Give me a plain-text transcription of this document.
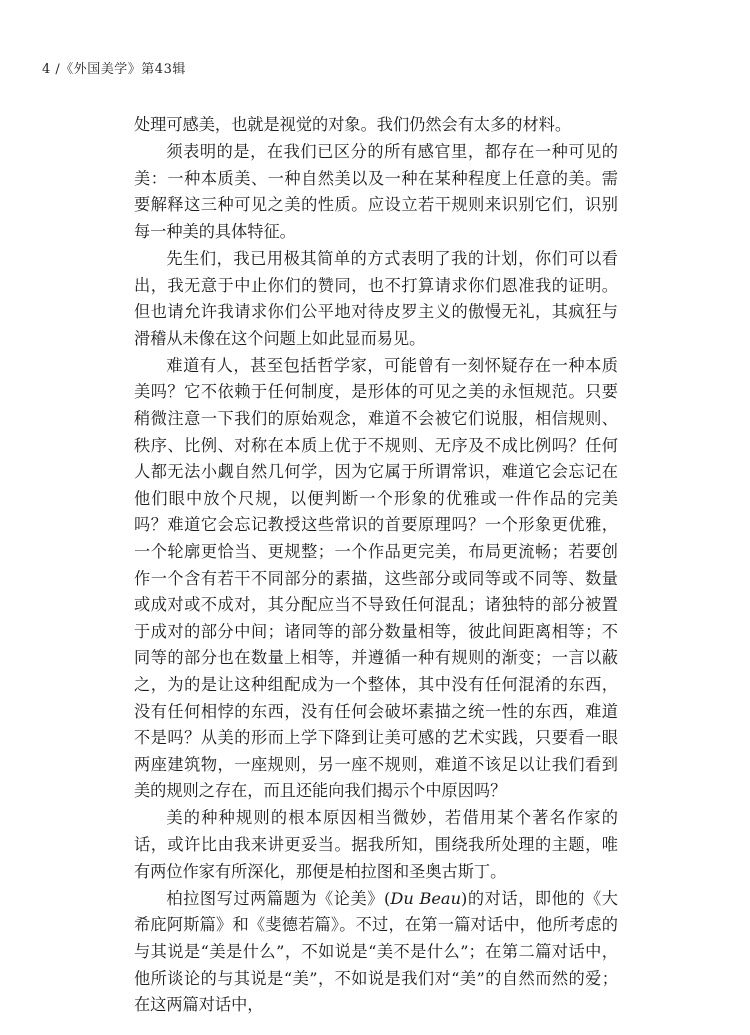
4 /《外国美学》第43辑

处理可感美，也就是视觉的对象。我们仍然会有太多的材料。

须表明的是，在我们已区分的所有感官里，都存在一种可见的美：一种本质美、一种自然美以及一种在某种程度上任意的美。需要解释这三种可见之美的性质。应设立若干规则来识别它们，识别每一种美的具体特征。

先生们，我已用极其简单的方式表明了我的计划，你们可以看出，我无意于中止你们的赞同，也不打算请求你们恩准我的证明。但也请允许我请求你们公平地对待皮罗主义的傲慢无礼，其疯狂与滑稽从未像在这个问题上如此显而易见。

难道有人，甚至包括哲学家，可能曾有一刻怀疑存在一种本质美吗？它不依赖于任何制度，是形体的可见之美的永恒规范。只要稍微注意一下我们的原始观念，难道不会被它们说服，相信规则、秩序、比例、对称在本质上优于不规则、无序及不成比例吗？任何人都无法小觑自然几何学，因为它属于所谓常识，难道它会忘记在他们眼中放个尺规，以便判断一个形象的优雅或一件作品的完美吗？难道它会忘记教授这些常识的首要原理吗？一个形象更优雅，一个轮廓更恰当、更规整；一个作品更完美，布局更流畅；若要创作一个含有若干不同部分的素描，这些部分或同等或不同等、数量或成对或不成对，其分配应当不导致任何混乱；诸独特的部分被置于成对的部分中间；诸同等的部分数量相等，彼此间距离相等；不同等的部分也在数量上相等，并遵循一种有规则的渐变；一言以蔽之，为的是让这种组配成为一个整体，其中没有任何混淆的东西，没有任何相悖的东西，没有任何会破坏素描之统一性的东西，难道不是吗？从美的形而上学下降到让美可感的艺术实践，只要看一眼两座建筑物，一座规则，另一座不规则，难道不该足以让我们看到美的规则之存在，而且还能向我们揭示个中原因吗？

美的种种规则的根本原因相当微妙，若借用某个著名作家的话，或许比由我来讲更妥当。据我所知，围绕我所处理的主题，唯有两位作家有所深化，那便是柏拉图和圣奥古斯丁。

柏拉图写过两篇题为《论美》(Du Beau)的对话，即他的《大希庇阿斯篇》和《斐德若篇》。不过，在第一篇对话中，他所考虑的与其说是“美是什么”，不如说是“美不是什么”；在第二篇对话中，他所谈论的与其说是“美”，不如说是我们对“美”的自然而然的爱；在这两篇对话中，
